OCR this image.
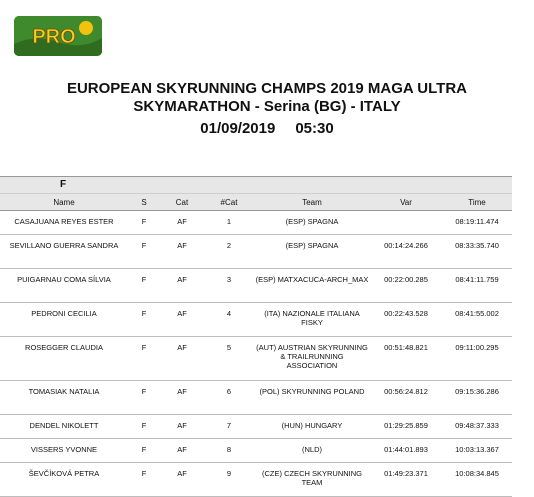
PRO
EUROPEAN SKYRUNNING CHAMPS 2019 MAGA ULTRA
SKYMARATHON - Serina (BG) - ITALY
01/09/2019 05:30
F
Name	S	Cat	#Cat	Team	Var	Time
CASAJUANA REYES ESTER	F	AF	1	(ESP) SPAGNA		08:19:11.474
SEVILLANO GUERRA SANDRA	F	AF	2	(ESP) SPAGNA	00:14:24.266	08:33:35.740
PUIGARNAU COMA SÍLVIA	F	AF	3	(ESP) MATXACUCA-ARCH_MAX	00:22:00.285	08:41:11.759
PEDRONI CECILIA	F	AF	4	(ITA) NAZIONALE ITALIANA FISKY	00:22:43.528	08:41:55.002
ROSEGGER CLAUDIA	F	AF	5	(AUT) AUSTRIAN SKYRUNNING & TRAILRUNNING ASSOCIATION	00:51:48.821	09:11:00.295
TOMASIAK NATALIA	F	AF	6	(POL) SKYRUNNING POLAND	00:56:24.812	09:15:36.286
DENDEL NIKOLETT	F	AF	7	(HUN) HUNGARY	01:29:25.859	09:48:37.333
VISSERS YVONNE	F	AF	8	(NLD)	01:44:01.893	10:03:13.367
ŠEVČÍKOVÁ PETRA	F	AF	9	(CZE) CZECH SKYRUNNING TEAM	01:49:23.371	10:08:34.845
